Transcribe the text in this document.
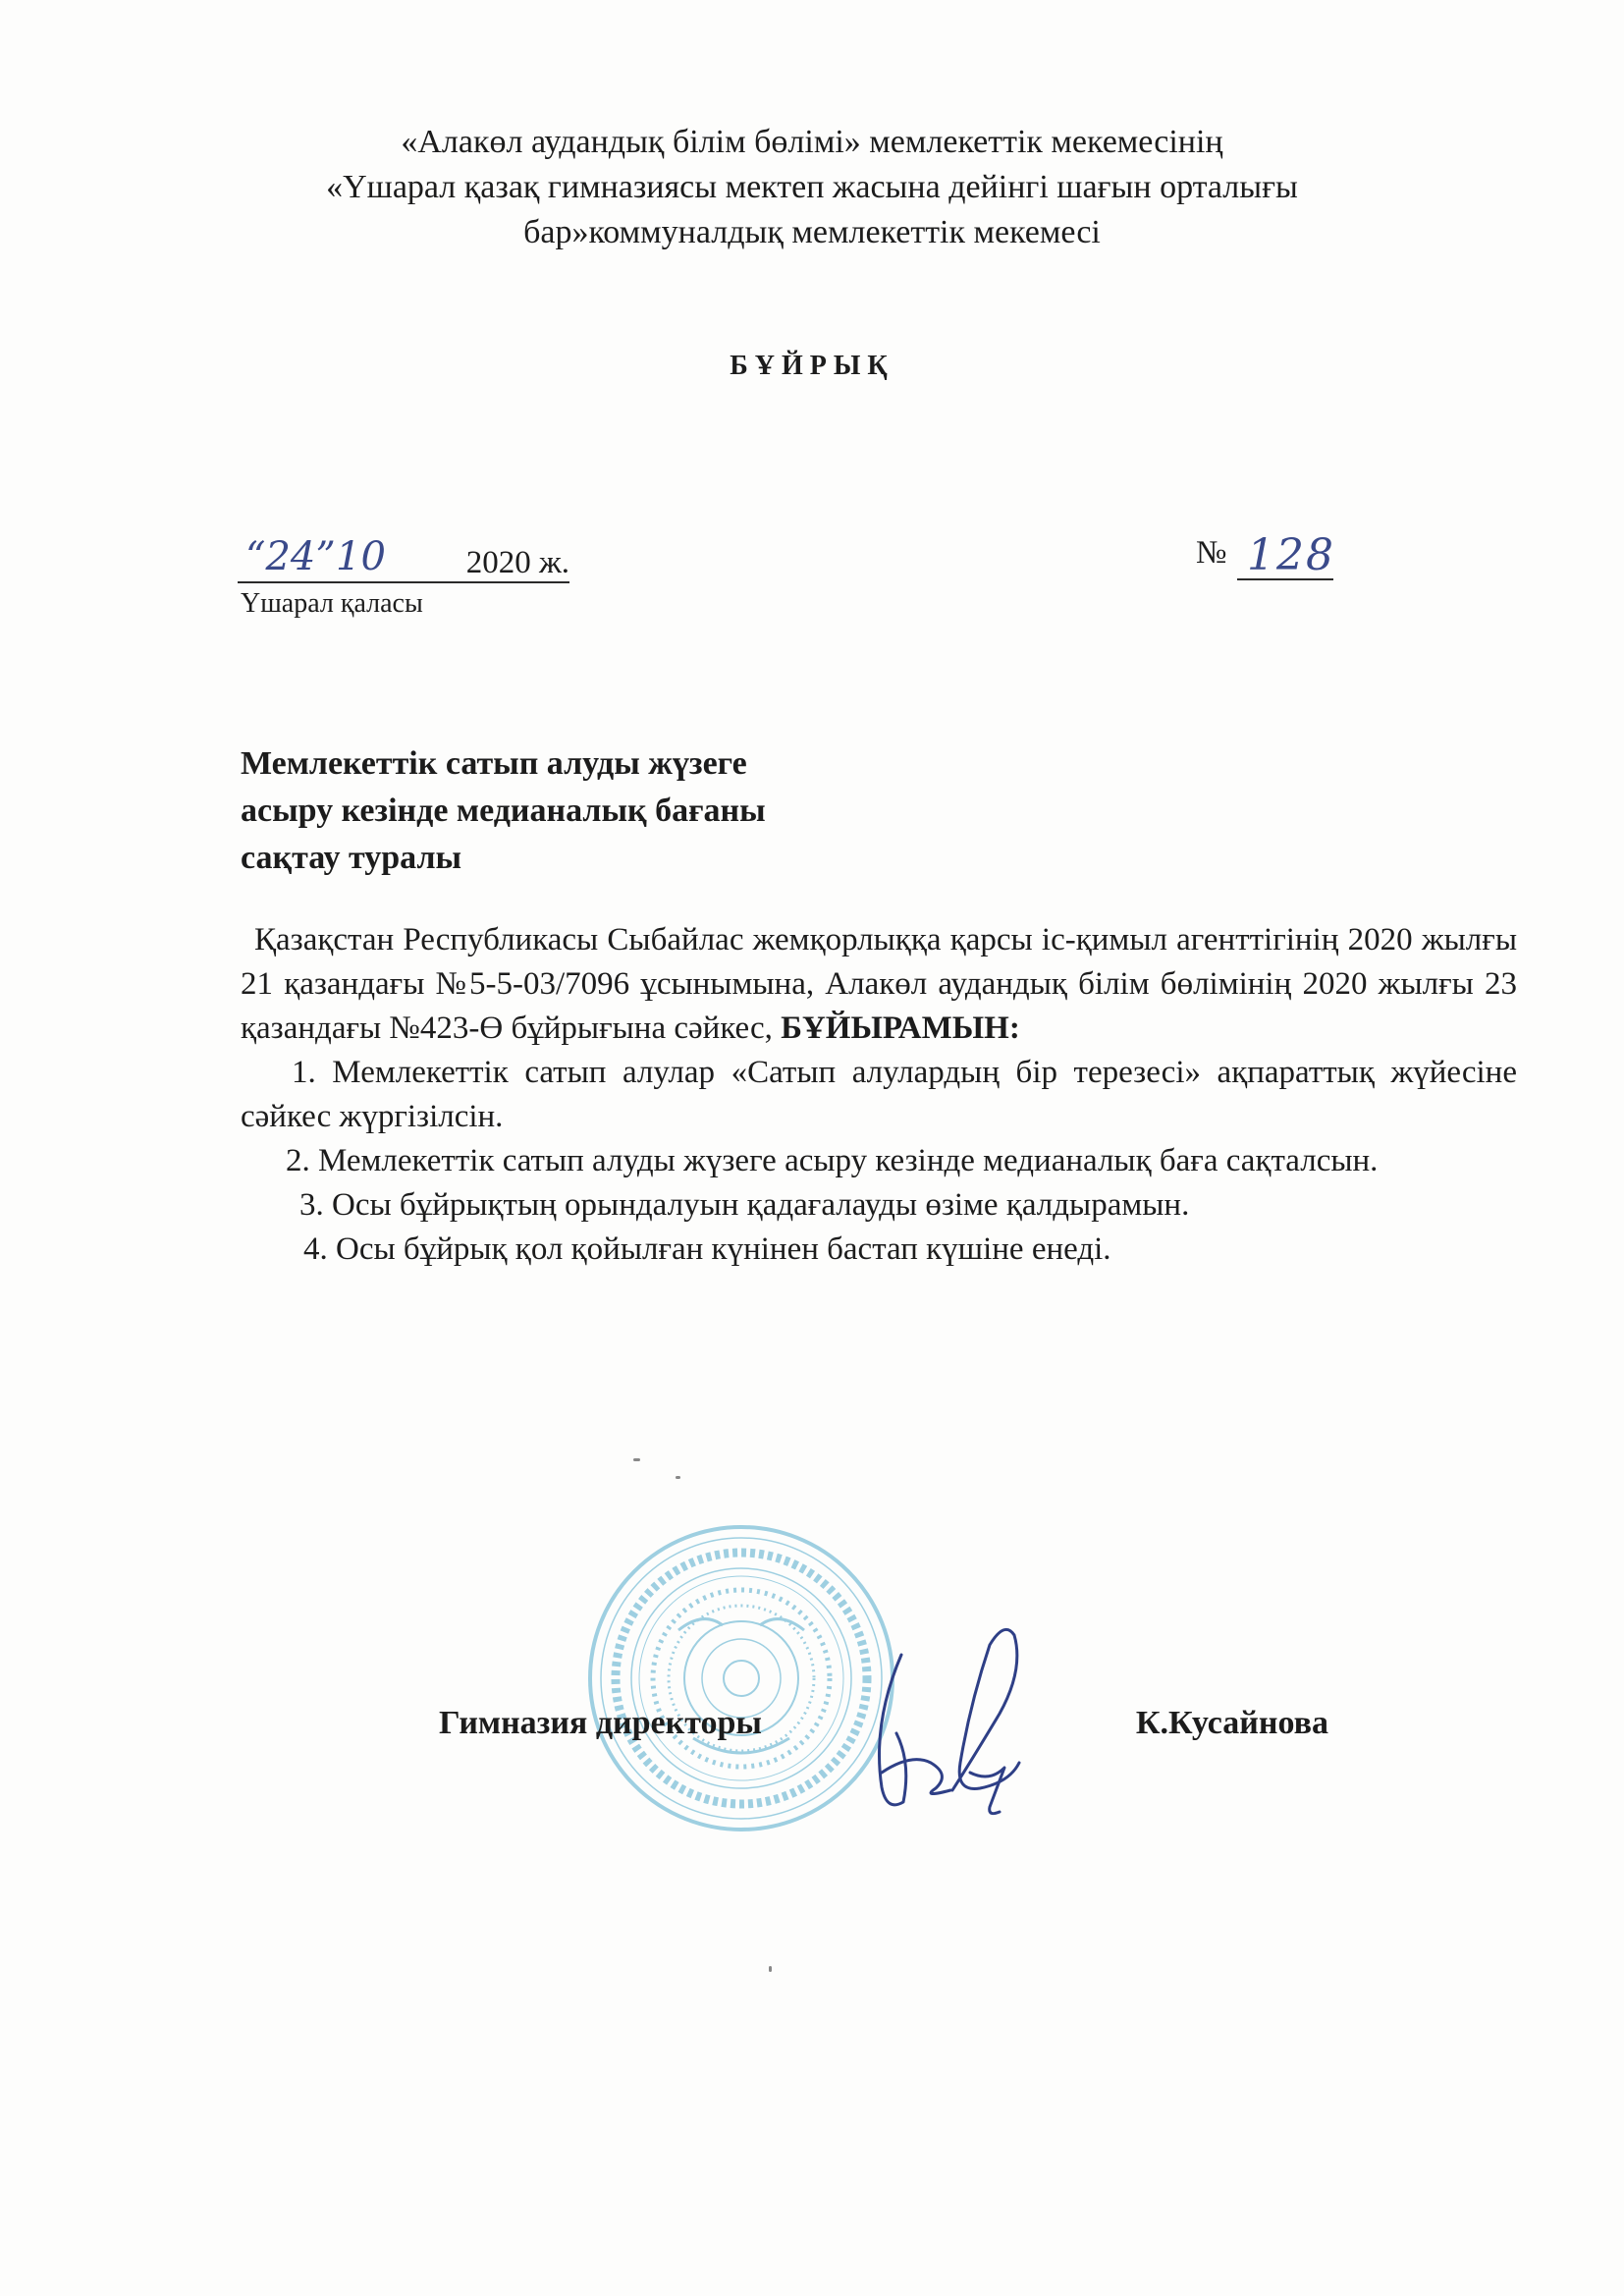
«Алакөл аудандық білім бөлімі» мемлекеттік мекемесінің
«Үшарал қазақ гимназиясы мектеп жасына дейінгі шағын орталығы
бар»коммуналдық мемлекеттік мекемесі
БҰЙРЫҚ
“24” 10 2020 ж.
Үшарал қаласы
№ 128
Мемлекеттік сатып алуды жүзеге
асыру кезінде медианалық бағаны
сақтау туралы

Қазақстан Республикасы Сыбайлас жемқорлыққа қарсы іс-қимыл агенттігінің 2020 жылғы 21 қазандағы №5-5-03/7096 ұсынымына, Алакөл аудандық білім бөлімінің 2020 жылғы 23 қазандағы №423-Ө бұйрығына сәйкес, БҰЙЫРАМЫН:

1. Мемлекеттік сатып алулар «Сатып алулардың бір терезесі» ақпараттық жүйесіне сәйкес жүргізілсін.

2. Мемлекеттік сатып алуды жүзеге асыру кезінде медианалық баға сақталсын.

3. Осы бұйрықтың орындалуын қадағалауды өзіме қалдырамын.

4. Осы бұйрық қол қойылған күнінен бастап күшіне енеді.

Гимназия директоры	К.Кусайнова
